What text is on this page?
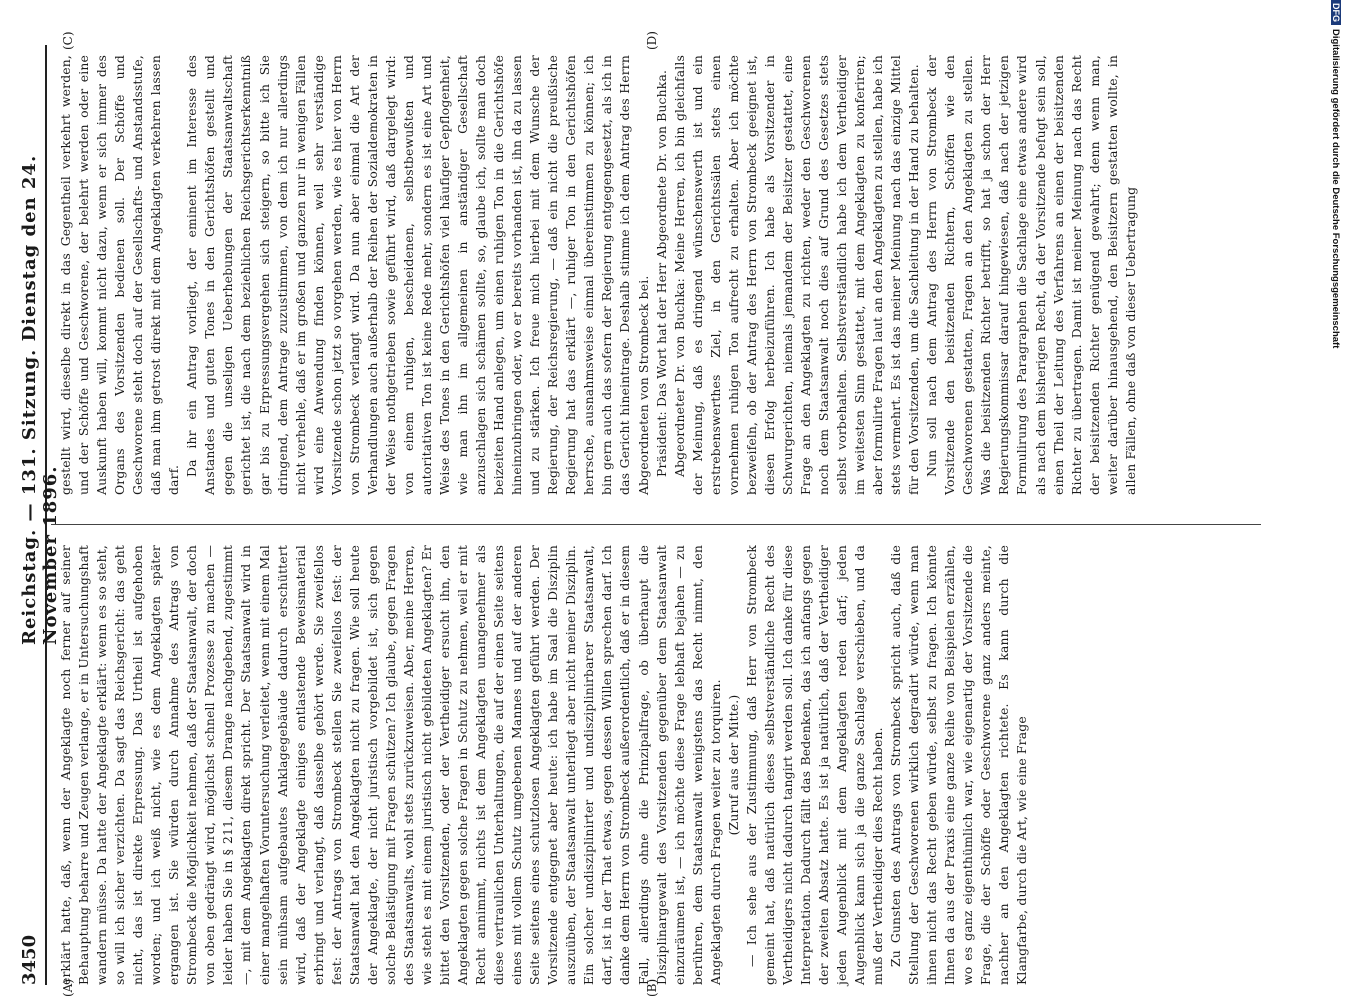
3450
Reichstag. — 131. Sitzung. Dienstag den 24. November 1896.
(A)	(B)
(C)	(D)

erklärt hatte, daß, wenn der Angeklagte noch ferner auf seiner Behauptung beharre und Zeugen verlange, er in Untersuchungshaft wandern müsse. Da hatte der Angeklagte erklärt: wenn es so steht, so will ich sicher verzichten. Da sagt das Reichsgericht: das geht nicht, das ist direkte Erpressung. Das Urtheil ist aufgehoben worden; und ich weiß nicht, wie es dem Angeklagten später ergangen ist. Sie würden durch Annahme des Antrags von Strombeck die Möglichkeit nehmen, daß der Staatsanwalt, der doch von oben gedrängt wird, möglichst schnell Prozesse zu machen — leider haben Sie in § 211, diesem Drange nachgebend, zugestimmt —, mit dem Angeklagten direkt spricht. Der Staatsanwalt wird in einer mangelhaften Voruntersuchung verleitet, wenn mit einem Mal sein mühsam aufgebautes Anklagegebäude dadurch erschüttert wird, daß der Angeklagte einiges entlastende Beweismaterial erbringt und verlangt, daß dasselbe gehört werde. Sie zweifellos fest: der Antrags von Strombeck stellen Sie zweifellos fest: der Staatsanwalt hat den Angeklagten nicht zu fragen. Wie soll heute der Angeklagte, der nicht juristisch vorgebildet ist, sich gegen solche Belästigung mit Fragen schützen? Ich glaube, gegen Fragen des Staatsanwalts, wohl stets zurückzuweisen. Aber, meine Herren, wie steht es mit einem juristisch nicht gebildeten Angeklagten? Er bittet den Vorsitzenden, oder der Vertheidiger ersucht ihn, den Angeklagten gegen solche Fragen in Schutz zu nehmen, weil er mit Recht annimmt, nichts ist dem Angeklagten unangenehmer als diese vertraulichen Unterhaltungen, die auf der einen Seite seitens eines mit vollem Schutz umgebenen Mannes und auf der anderen Seite seitens eines schutzlosen Angeklagten geführt werden. Der Vorsitzende entgegnet aber heute: ich habe im Saal die Disziplin auszuüben, der Staatsanwalt unterliegt aber nicht meiner Disziplin. Ein solcher undisziplinirter und undisziplinirbarer Staatsanwalt, darf, ist in der That etwas, gegen dessen Willen sprechen darf. Ich danke dem Herrn von Strombeck außerordentlich, daß er in diesem Fall, allerdings ohne die Prinzipalfrage, ob überhaupt die Disziplinargewalt des Vorsitzenden gegenüber dem Staatsanwalt einzuräumen ist, — ich möchte diese Frage lebhaft bejahen — zu berühren, dem Staatsanwalt wenigstens das Recht nimmt, den Angeklagten durch Fragen weiter zu torquiren. (Zuruf aus der Mitte.) — Ich sehe aus der Zustimmung, daß Herr von Strombeck gemeint hat, daß natürlich dieses selbstverständliche Recht des Vertheidigers nicht dadurch tangirt werden soll. Ich danke für diese Interpretation. Dadurch fällt das Bedenken, das ich anfangs gegen der zweiten Absatz hatte. Es ist ja natürlich, daß der Vertheidiger jeden Augenblick mit dem Angeklagten reden darf; jeden Augenblick kann sich ja die ganze Sachlage verschieben, und da muß der Vertheidiger dies Recht haben. Zu Gunsten des Antrags von Strombeck spricht auch, daß die Stellung der Geschworenen wirklich degradirt würde, wenn man ihnen nicht das Recht geben würde, selbst zu fragen. Ich könnte Ihnen da aus der Praxis eine ganze Reihe von Beispielen erzählen, wo es ganz eigenthümlich war, wie eigenartig der Vorsitzende die Frage, die der Schöffe oder Geschworene ganz anders meinte, nachher an den Angeklagten richtete. Es kann durch die Klangfarbe, durch die Art, wie eine Frage

gestellt wird, dieselbe direkt in das Gegentheil verkehrt werden, und der Schöffe und Geschworene, der belehrt werden oder eine Auskunft haben will, kommt nicht dazu, wenn er sich immer des Organs des Vorsitzenden bedienen soll. Der Schöffe und Geschworene steht doch auf der Gesellschafts- und Anstandsstufe, daß man ihm getrost direkt mit dem Angeklagten verkehren lassen darf.

Da ihr ein Antrag vorliegt, der eminent im Interesse des Anstandes und guten Tones in den Gerichtshöfen gestellt und gegen die unseligen Ueberhebungen der Staatsanwaltschaft gerichtet ist, die nach dem beziehlichen Reichsgerichtserkenntniß gar bis zu Erpressungsvergehen sich steigern, so bitte ich Sie dringend, dem Antrage zuzustimmen, von dem ich nur allerdings nicht verhehle, daß er im großen und ganzen nur in wenigen Fällen wird eine Anwendung finden können, weil sehr verständige Vorsitzende schon jetzt so vorgehen werden, wie es hier von Herrn von Strombeck verlangt wird. Da nun aber einmal die Art der Verhandlungen auch außerhalb der Reihen der Sozialdemokraten in der Weise nothgetrieben sowie geführt wird, daß dargelegt wird: von einem ruhigen, bescheidenen, selbstbewußten und autoritativen Ton ist keine Rede mehr, sondern es ist eine Art und Weise des Tones in den Gerichtshöfen viel häufiger Gepflogenheit, wie man ihn im allgemeinen in anständiger Gesellschaft anzuschlagen sich schämen sollte, so, glaube ich, sollte man doch beizeiten Hand anlegen, um einen ruhigen Ton in die Gerichtshöfe hineinzubringen oder, wo er bereits vorhanden ist, ihn da zu lassen und zu stärken. Ich freue mich hierbei mit dem Wunsche der Regierung, der Reichsregierung, — daß ein nicht die preußische Regierung hat das erklärt —, ruhiger Ton in den Gerichtshöfen herrsche, ausnahmsweise einmal übereinstimmen zu können; ich bin gern auch das sofern der Regierung entgegengesetzt, als ich in das Gericht hineintrage. Deshalb stimme ich dem Antrag des Herrn Abgeordneten von Strombeck bei. Präsident: Das Wort hat der Herr Abgeordnete Dr. von Buchka. Abgeordneter Dr. von Buchka: Meine Herren, ich bin gleichfalls der Meinung, daß es dringend wünschenswerth ist und ein erstrebenswerthes Ziel, in den Gerichtssälen stets einen vornehmen ruhigen Ton aufrecht zu erhalten. Aber ich möchte bezweifeln, ob der Antrag des Herrn von Strombeck geeignet ist, diesen Erfolg herbeizuführen. Ich habe als Vorsitzender in Schwurgerichten, niemals jemandem der Beisitzer gestattet, eine Frage an den Angeklagten zu richten, weder den Geschworenen noch dem Staatsanwalt noch dies auf Grund des Gesetzes stets selbst vorbehalten. Selbstverständlich habe ich dem Vertheidiger im weitesten Sinn gestattet, mit dem Angeklagten zu konferiren; aber formulirte Fragen laut an den Angeklagten zu stellen, habe ich stets vermehrt. Es ist das meiner Meinung nach das einzige Mittel für den Vorsitzenden, um die Sachleitung in der Hand zu behalten. Nun soll nach dem Antrag des Herrn von Strombeck der Vorsitzende den beisitzenden Richtern, Schöffen wie den Geschworenen gestatten, Fragen an den Angeklagten zu stellen. Was die beisitzenden Richter betrifft, so hat ja schon der Herr Regierungskommissar darauf hingewiesen, daß nach der jetzigen Formulirung des Paragraphen die Sachlage eine etwas andere wird als nach dem bisherigen Recht, da der Vorsitzende befugt sein soll, einen Theil der Leitung des Verfahrens an einen der beisitzenden Richter zu übertragen. Damit ist meiner Meinung nach das Recht der beisitzenden Richter genügend gewahrt; denn wenn man, weiter darüber hinausgehend, den Beisitzern gestatten wollte, in allen Fällen, ohne daß von dieser Uebertragung

DFGDigitalisierung gefördert durch die Deutsche Forschungsgemeinschaft
